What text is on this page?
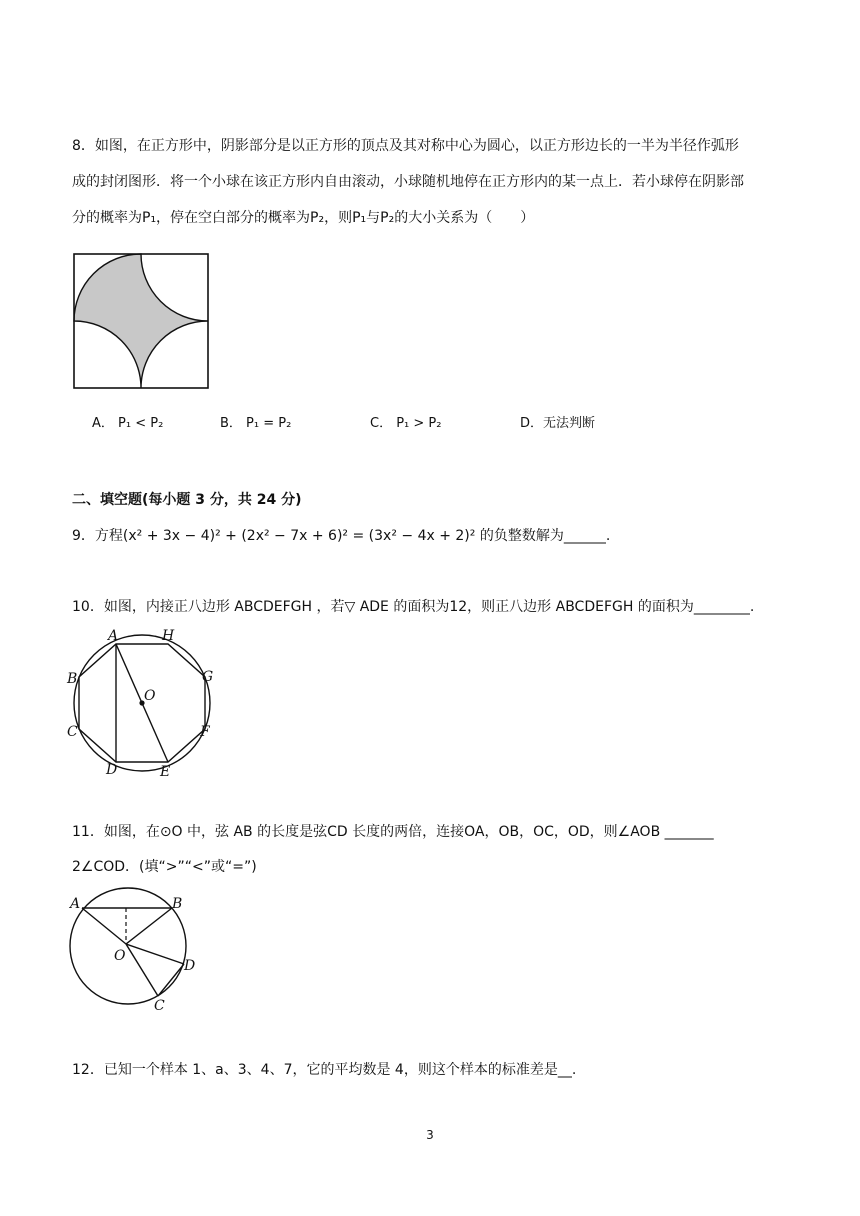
8．如图，在正方形中，阴影部分是以正方形的顶点及其对称中心为圆心，以正方形边长的一半为半径作弧形
成的封闭图形．将一个小球在该正方形内自由滚动，小球随机地停在正方形内的某一点上．若小球停在阴影部
分的概率为P₁，停在空白部分的概率为P₂，则P₁与P₂的大小关系为（　　）
A． P₁ < P₂	B． P₁ = P₂	C． P₁ > P₂	D．无法判断
二、填空题(每小题 3 分，共 24 分)
9．方程(x² + 3x − 4)² + (2x² − 7x + 6)² = (3x² − 4x + 2)² 的负整数解为______.
10．如图，内接正八边形 ABCDEFGH ，若▽ ADE 的面积为12，则正八边形 ABCDEFGH 的面积为________.
A	H
G
B
C	F
D	E
O
11．如图，在⊙O 中，弦 AB 的长度是弦CD 长度的两倍，连接OA，OB，OC，OD，则∠AOB _______
2∠COD．(填“>”“<”或“=”)
A	B
O
D
C
12．已知一个样本 1、a、3、4、7，它的平均数是 4，则这个样本的标准差是__.
3
